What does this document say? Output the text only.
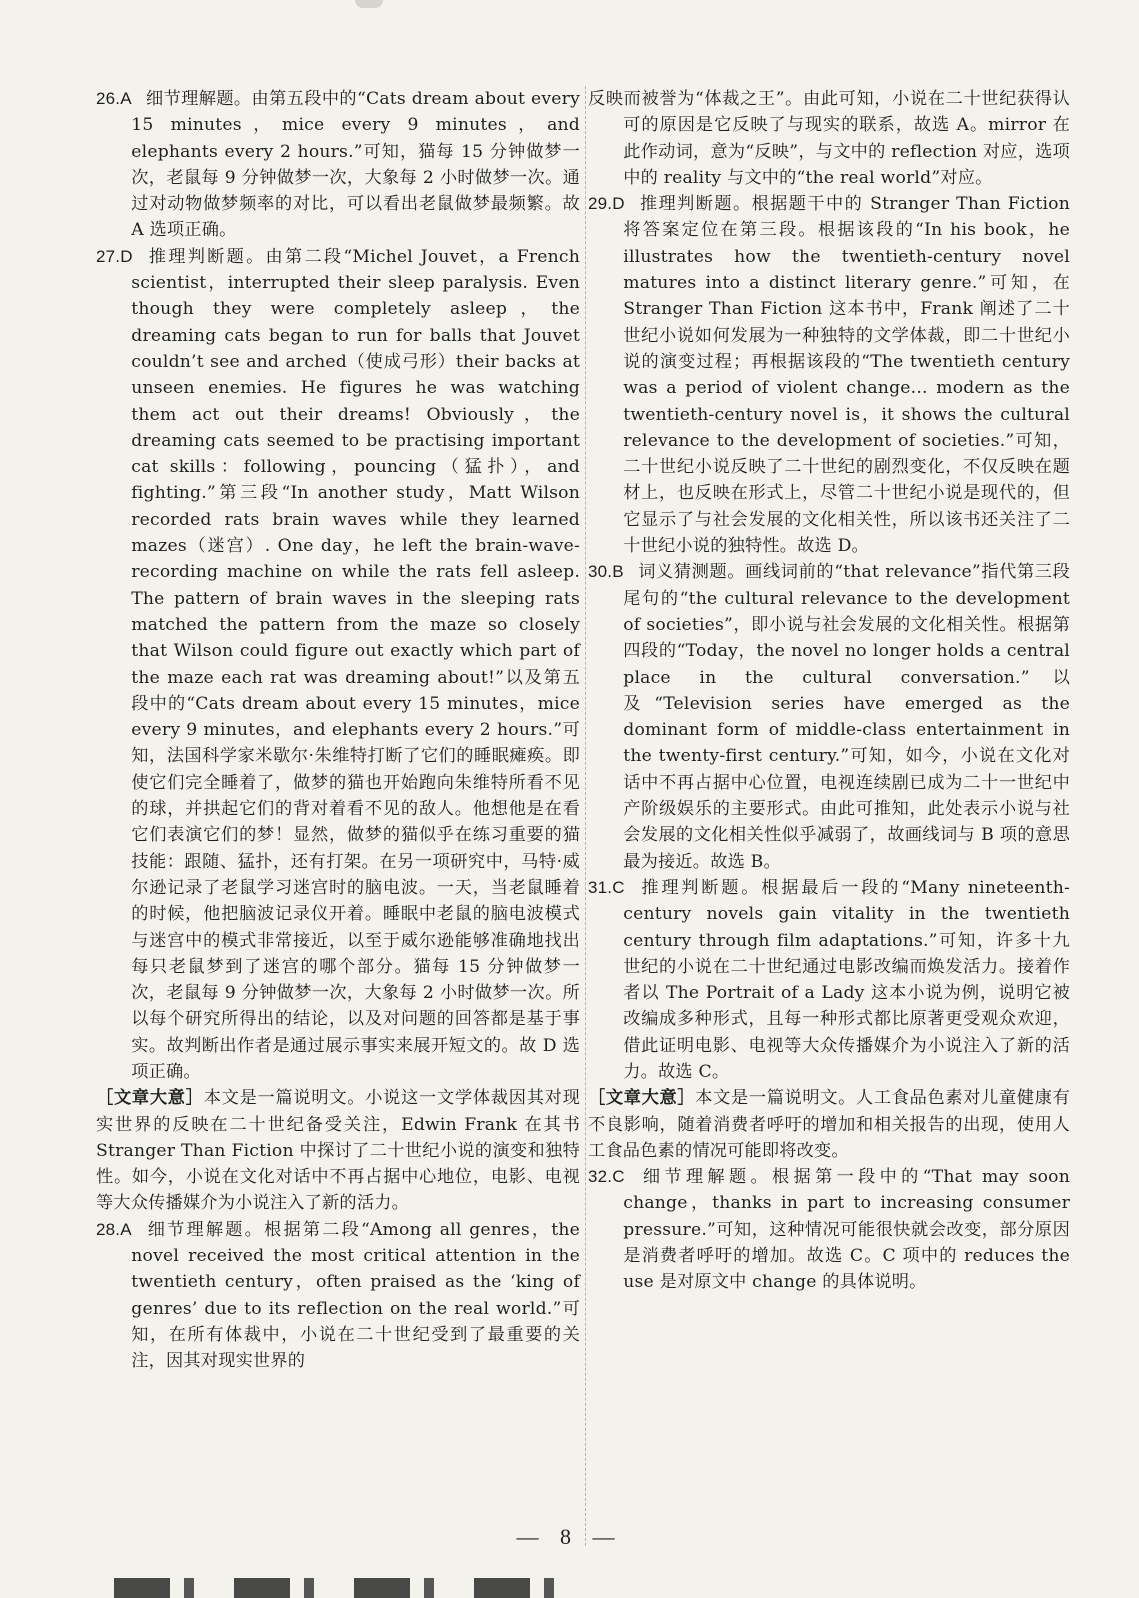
26.A 细节理解题。由第五段中的“Cats dream about every 15 minutes，mice every 9 minutes，and elephants every 2 hours.”可知，猫每 15 分钟做梦一次，老鼠每 9 分钟做梦一次，大象每 2 小时做梦一次。通过对动物做梦频率的对比，可以看出老鼠做梦最频繁。故 A 选项正确。

27.D 推理判断题。由第二段“Michel Jouvet，a French scientist，interrupted their sleep paralysis. Even though they were completely asleep，the dreaming cats began to run for balls that Jouvet couldn’t see and arched（使成弓形）their backs at unseen enemies. He figures he was watching them act out their dreams! Obviously，the dreaming cats seemed to be practising important cat skills：following，pouncing（猛扑），and fighting.”第三段“In another study，Matt Wilson recorded rats brain waves while they learned mazes（迷宫）. One day，he left the brain-wave-recording machine on while the rats fell asleep. The pattern of brain waves in the sleeping rats matched the pattern from the maze so closely that Wilson could figure out exactly which part of the maze each rat was dreaming about!”以及第五段中的“Cats dream about every 15 minutes，mice every 9 minutes，and elephants every 2 hours.”可知，法国科学家米歇尔·朱维特打断了它们的睡眠瘫痪。即使它们完全睡着了，做梦的猫也开始跑向朱维特所看不见的球，并拱起它们的背对着看不见的敌人。他想他是在看它们表演它们的梦！显然，做梦的猫似乎在练习重要的猫技能：跟随、猛扑，还有打架。在另一项研究中，马特·威尔逊记录了老鼠学习迷宫时的脑电波。一天，当老鼠睡着的时候，他把脑波记录仪开着。睡眠中老鼠的脑电波模式与迷宫中的模式非常接近，以至于威尔逊能够准确地找出每只老鼠梦到了迷宫的哪个部分。猫每 15 分钟做梦一次，老鼠每 9 分钟做梦一次，大象每 2 小时做梦一次。所以每个研究所得出的结论，以及对问题的回答都是基于事实。故判断出作者是通过展示事实来展开短文的。故 D 选项正确。

［文章大意］本文是一篇说明文。小说这一文学体裁因其对现实世界的反映在二十世纪备受关注，Edwin Frank 在其书 Stranger Than Fiction 中探讨了二十世纪小说的演变和独特性。如今，小说在文化对话中不再占据中心地位，电影、电视等大众传播媒介为小说注入了新的活力。

28.A 细节理解题。根据第二段“Among all genres，the novel received the most critical attention in the twentieth century，often praised as the ‘king of genres’ due to its reflection on the real world.”可知，在所有体裁中，小说在二十世纪受到了最重要的关注，因其对现实世界的

反映而被誉为“体裁之王”。由此可知，小说在二十世纪获得认可的原因是它反映了与现实的联系，故选 A。mirror 在此作动词，意为“反映”，与文中的 reflection 对应，选项中的 reality 与文中的“the real world”对应。

29.D 推理判断题。根据题干中的 Stranger Than Fiction 将答案定位在第三段。根据该段的“In his book，he illustrates how the twentieth-century novel matures into a distinct literary genre.”可知，在 Stranger Than Fiction 这本书中，Frank 阐述了二十世纪小说如何发展为一种独特的文学体裁，即二十世纪小说的演变过程；再根据该段的“The twentieth century was a period of violent change... modern as the twentieth-century novel is，it shows the cultural relevance to the development of societies.”可知，二十世纪小说反映了二十世纪的剧烈变化，不仅反映在题材上，也反映在形式上，尽管二十世纪小说是现代的，但它显示了与社会发展的文化相关性，所以该书还关注了二十世纪小说的独特性。故选 D。

30.B 词义猜测题。画线词前的“that relevance”指代第三段尾句的“the cultural relevance to the development of societies”，即小说与社会发展的文化相关性。根据第四段的“Today，the novel no longer holds a central place in the cultural conversation.”以及“Television series have emerged as the dominant form of middle-class entertainment in the twenty-first century.”可知，如今，小说在文化对话中不再占据中心位置，电视连续剧已成为二十一世纪中产阶级娱乐的主要形式。由此可推知，此处表示小说与社会发展的文化相关性似乎减弱了，故画线词与 B 项的意思最为接近。故选 B。

31.C 推理判断题。根据最后一段的“Many nineteenth-century novels gain vitality in the twentieth century through film adaptations.”可知，许多十九世纪的小说在二十世纪通过电影改编而焕发活力。接着作者以 The Portrait of a Lady 这本小说为例，说明它被改编成多种形式，且每一种形式都比原著更受观众欢迎，借此证明电影、电视等大众传播媒介为小说注入了新的活力。故选 C。

［文章大意］本文是一篇说明文。人工食品色素对儿童健康有不良影响，随着消费者呼吁的增加和相关报告的出现，使用人工食品色素的情况可能即将改变。

32.C 细节理解题。根据第一段中的“That may soon change，thanks in part to increasing consumer pressure.”可知，这种情况可能很快就会改变，部分原因是消费者呼吁的增加。故选 C。C 项中的 reduces the use 是对原文中 change 的具体说明。

— 8 —
